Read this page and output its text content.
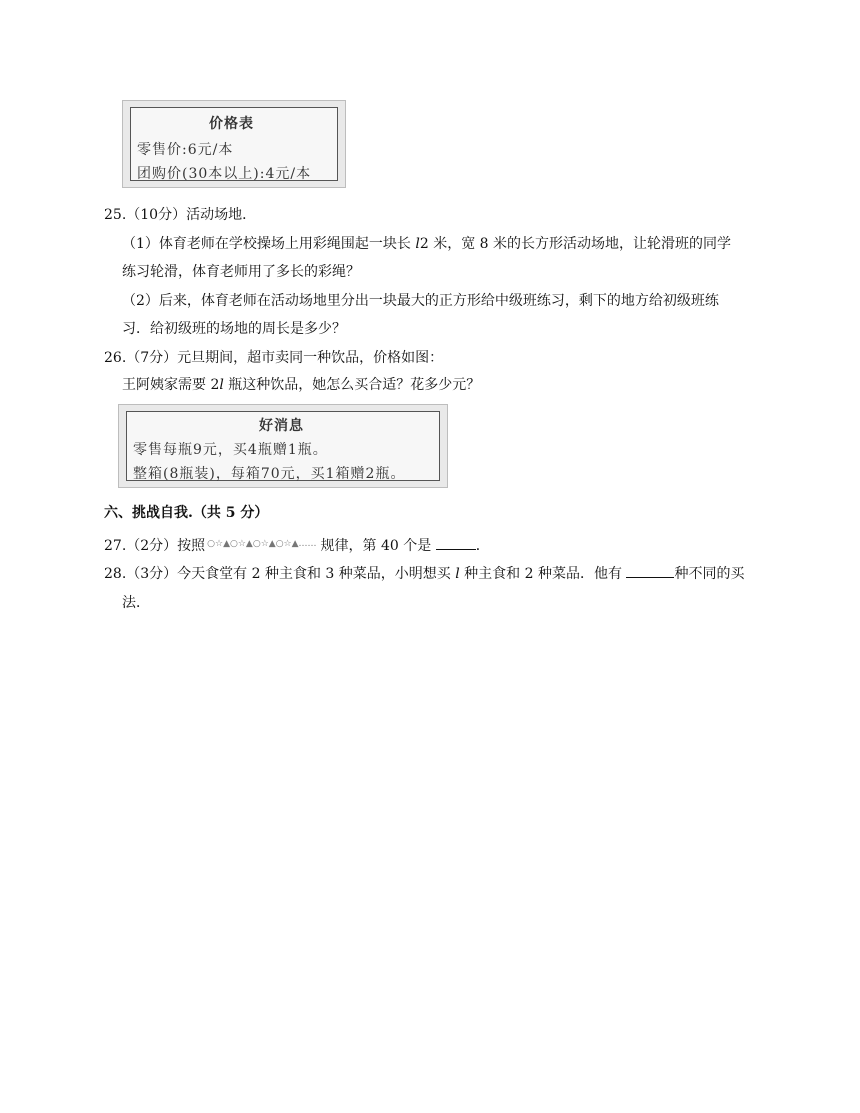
价格表
零售价:6元/本
团购价(30本以上):4元/本
25.（10分）活动场地．
（1）体育老师在学校操场上用彩绳围起一块长 l2 米，宽 8 米的长方形活动场地，让轮滑班的同学
练习轮滑，体育老师用了多长的彩绳？
（2）后来，体育老师在活动场地里分出一块最大的正方形给中级班练习，剩下的地方给初级班练
习．给初级班的场地的周长是多少？
26.（7分）元旦期间，超市卖同一种饮品，价格如图：
王阿姨家需要 2l 瓶这种饮品，她怎么买合适？花多少元？
好消息
零售每瓶9元，买4瓶赠1瓶。
整箱(8瓶装)，每箱70元，买1箱赠2瓶。
六、挑战自我.（共 5 分）
27.（2分）按照 ○☆▲○☆▲○☆▲○☆▲…… 规律，第 40 个是	．
28.（3分）今天食堂有 2 种主食和 3 种菜品，小明想买 l 种主食和 2 种菜品．他有	种不同的买
法．
